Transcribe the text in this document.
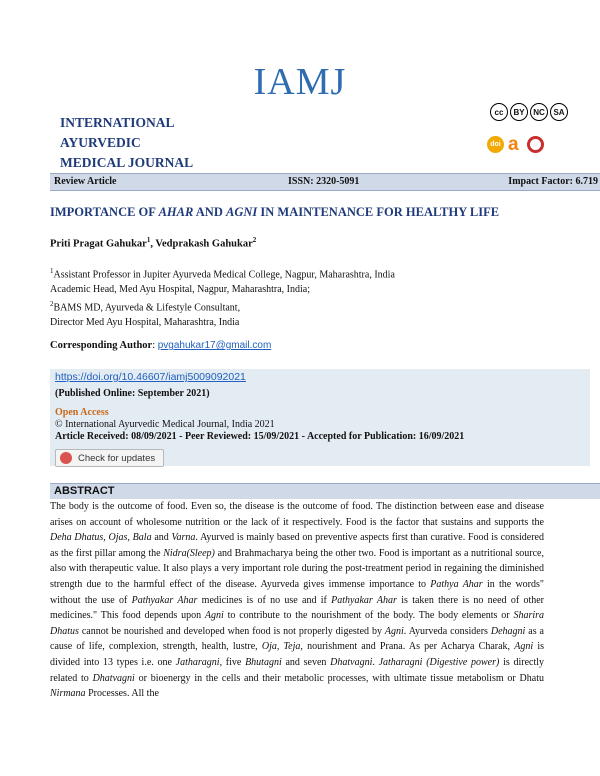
IAMJ
INTERNATIONAL
AYURVEDIC
MEDICAL JOURNAL
cc	BY	NC	SA
doi a
Review Article	ISSN: 2320-5091	Impact Factor: 6.719
IMPORTANCE OF AHAR AND AGNI IN MAINTENANCE FOR HEALTHY LIFE
Priti Pragat Gahukar$^1$, Vedprakash Gahukar$^2$
$^1$Assistant Professor in Jupiter Ayurveda Medical College, Nagpur, Maharashtra, India
Academic Head, Med Ayu Hospital, Nagpur, Maharashtra, India;
$^2$BAMS MD, Ayurveda & Lifestyle Consultant,
Director Med Ayu Hospital, Maharashtra, India
Corresponding Author: pvgahukar17@gmail.com
https://doi.org/10.46607/iamj5009092021
(Published Online: September 2021)
Open Access
© International Ayurvedic Medical Journal, India 2021
Article Received: 08/09/2021 - Peer Reviewed: 15/09/2021 - Accepted for Publication: 16/09/2021
Check for updates
ABSTRACT

The body is the outcome of food. Even so, the disease is the outcome of food. The distinction between ease and disease arises on account of wholesome nutrition or the lack of it respectively. Food is the factor that sustains and supports the Deha Dhatus, Ojas, Bala and Varna. Ayurved is mainly based on preventive aspects first than curative. Food is considered as the first pillar among the Nidra(Sleep) and Brahmacharya being the other two. Food is important as a nutritional source, also with therapeutic value. It also plays a very important role during the post-treatment period in regaining the diminished strength due to the harmful effect of the disease. Ayurveda gives immense importance to Pathya Ahar in the words" without the use of Pathyakar Ahar medicines is of no use and if Pathyakar Ahar is taken there is no need of other medicines." This food depends upon Agni to contribute to the nourishment of the body. The body elements or Sharira Dhatus cannot be nourished and developed when food is not properly digested by Agni. Ayurveda considers Dehagni as a cause of life, complexion, strength, health, lustre, Oja, Teja, nourishment and Prana. As per Acharya Charak, Agni is divided into 13 types i.e. one Jatharagni, five Bhutagni and seven Dhatvagni. Jatharagni (Digestive power) is directly related to Dhatvagni or bioenergy in the cells and their metabolic processes, with ultimate tissue metabolism or Dhatu Nirmana Processes. All the
